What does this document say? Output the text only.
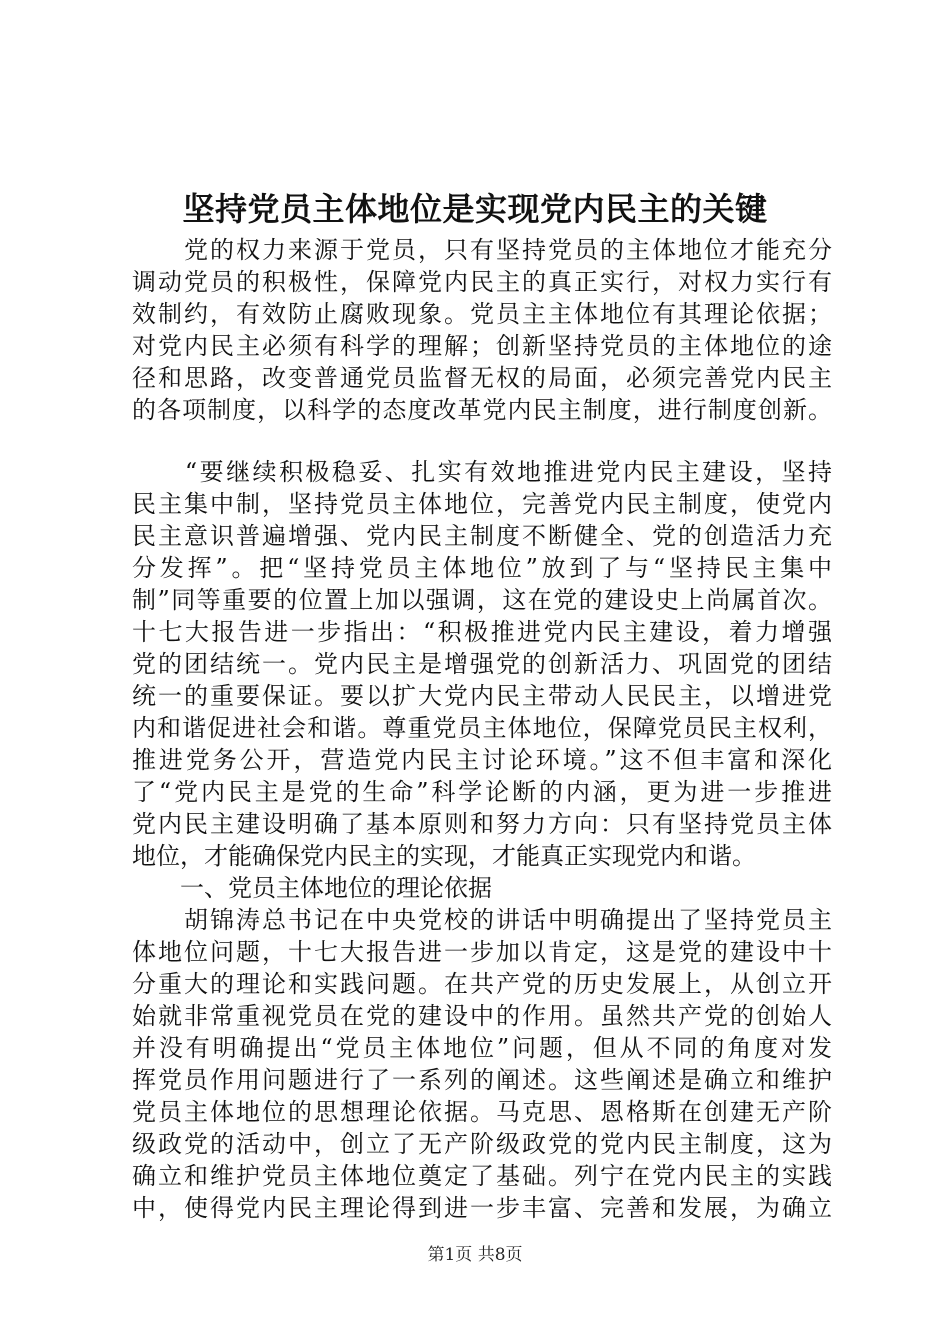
坚持党员主体地位是实现党内民主的关键
　　党的权力来源于党员，只有坚持党员的主体地位才能充分
调动党员的积极性，保障党内民主的真正实行，对权力实行有
效制约，有效防止腐败现象。党员主主体地位有其理论依据；
对党内民主必须有科学的理解；创新坚持党员的主体地位的途
径和思路，改变普通党员监督无权的局面，必须完善党内民主
的各项制度，以科学的态度改革党内民主制度，进行制度创新。
　　“要继续积极稳妥、扎实有效地推进党内民主建设，坚持
民主集中制，坚持党员主体地位，完善党内民主制度，使党内
民主意识普遍增强、党内民主制度不断健全、党的创造活力充
分发挥”。把“坚持党员主体地位”放到了与“坚持民主集中
制”同等重要的位置上加以强调，这在党的建设史上尚属首次。
十七大报告进一步指出：“积极推进党内民主建设，着力增强
党的团结统一。党内民主是增强党的创新活力、巩固党的团结
统一的重要保证。要以扩大党内民主带动人民民主，以增进党
内和谐促进社会和谐。尊重党员主体地位，保障党员民主权利，
推进党务公开，营造党内民主讨论环境。”这不但丰富和深化
了“党内民主是党的生命”科学论断的内涵，更为进一步推进
党内民主建设明确了基本原则和努力方向：只有坚持党员主体
地位，才能确保党内民主的实现，才能真正实现党内和谐。
　　一、党员主体地位的理论依据
　　胡锦涛总书记在中央党校的讲话中明确提出了坚持党员主
体地位问题，十七大报告进一步加以肯定，这是党的建设中十
分重大的理论和实践问题。在共产党的历史发展上，从创立开
始就非常重视党员在党的建设中的作用。虽然共产党的创始人
并没有明确提出“党员主体地位”问题，但从不同的角度对发
挥党员作用问题进行了一系列的阐述。这些阐述是确立和维护
党员主体地位的思想理论依据。马克思、恩格斯在创建无产阶
级政党的活动中，创立了无产阶级政党的党内民主制度，这为
确立和维护党员主体地位奠定了基础。列宁在党内民主的实践
中，使得党内民主理论得到进一步丰富、完善和发展，为确立
第1页 共8页
